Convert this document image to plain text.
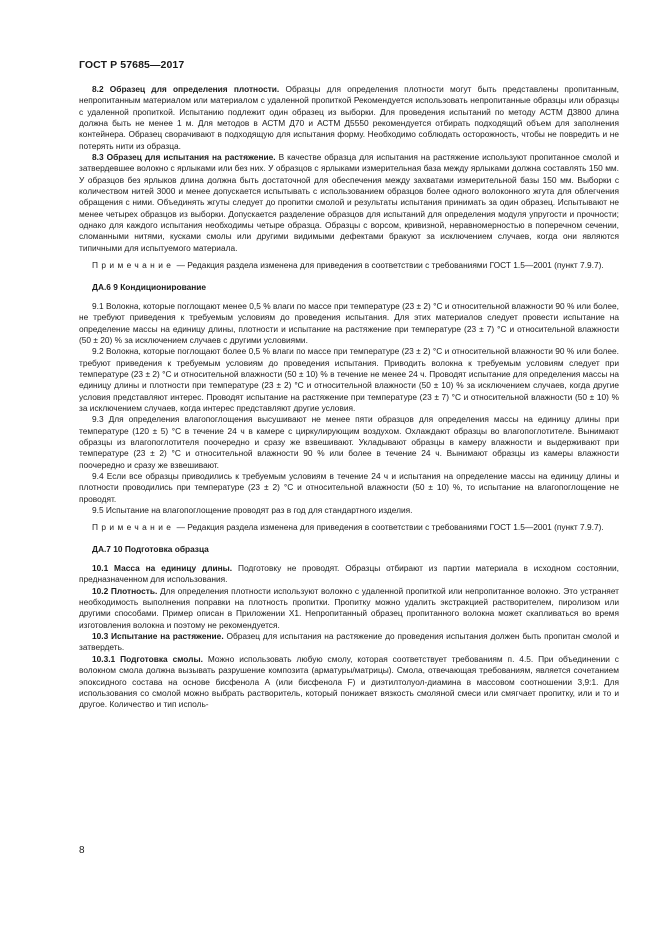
ГОСТ Р 57685—2017

8.2 Образец для определения плотности. Образцы для определения плотности могут быть представлены пропитанным, непропитанным материалом или материалом с удаленной пропиткой Рекомендуется использовать непропитанные образцы или образцы с удаленной пропиткой. Испытанию подлежит один образец из выборки. Для проведения испытаний по методу АСТМ Д3800 длина должна быть не менее 1 м. Для методов в АСТМ Д70 и АСТМ Д5550 рекомендуется отбирать подходящий объем для заполнения контейнера. Образец сворачивают в подходящую для испытания форму. Необходимо соблюдать осторожность, чтобы не повредить и не потерять нити из образца.

8.3 Образец для испытания на растяжение. В качестве образца для испытания на растяжение используют пропитанное смолой и затвердевшее волокно с ярлыками или без них. У образцов с ярлыками измерительная база между ярлыками должна составлять 150 мм. У образцов без ярлыков длина должна быть достаточной для обеспечения между захватами измерительной базы 150 мм. Выборки с количеством нитей 3000 и менее допускается испытывать с использованием образцов более одного волоконного жгута для облегчения обращения с ними. Объединять жгуты следует до пропитки смолой и результаты испытания принимать за один образец. Испытывают не менее четырех образцов из выборки. Допускается разделение образцов для испытаний для определения модуля упругости и прочности; однако для каждого испытания необходимы четыре образца. Образцы с ворсом, кривизной, неравномерностью в поперечном сечении, сломанными нитями, кусками смолы или другими видимыми дефектами бракуют за исключением случаев, когда они являются типичными для испытуемого материала.

Примечание — Редакция раздела изменена для приведения в соответствии с требованиями ГОСТ 1.5—2001 (пункт 7.9.7).

ДА.6 9 Кондиционирование

9.1 Волокна, которые поглощают менее 0,5 % влаги по массе при температуре (23 ± 2) °С и относительной влажности 90 % или более, не требуют приведения к требуемым условиям до проведения испытания. Для этих материалов следует провести испытание на определение массы на единицу длины, плотности и испытание на растяжение при температуре (23 ± 7) °С и относительной влажности (50 ± 20) % за исключением случаев с другими условиями.

9.2 Волокна, которые поглощают более 0,5 % влаги по массе при температуре (23 ± 2) °С и относительной влажности 90 % или более. требуют приведения к требуемым условиям до проведения испытания. Приводить волокна к требуемым условиям следует при температуре (23 ± 2) °С и относительной влажности (50 ± 10) % в течение не менее 24 ч. Проводят испытание для определения массы на единицу длины и плотности при температуре (23 ± 2) °С и относительной влажности (50 ± 10) % за исключением случаев, когда другие условия представляют интерес. Проводят испытание на растяжение при температуре (23 ± 7) °С и относительной влажности (50 ± 10) % за исключением случаев, когда интерес представляют другие условия.

9.3 Для определения влагопоглощения высушивают не менее пяти образцов для определения массы на единицу длины при температуре (120 ± 5) °С в течение 24 ч в камере с циркулирующим воздухом. Охлаждают образцы во влагопоглотителе. Вынимают образцы из влагопоглотителя поочередно и сразу же взвешивают. Укладывают образцы в камеру влажности и выдерживают при температуре (23 ± 2) °С и относительной влажности 90 % или более в течение 24 ч. Вынимают образцы из камеры влажности поочередно и сразу же взвешивают.

9.4 Если все образцы приводились к требуемым условиям в течение 24 ч и испытания на определение массы на единицу длины и плотности проводились при температуре (23 ± 2) °С и относительной влажности (50 ± 10) %, то испытание на влагопоглощение не проводят.

9.5 Испытание на влагопоглощение проводят раз в год для стандартного изделия.

Примечание — Редакция раздела изменена для приведения в соответствии с требованиями ГОСТ 1.5—2001 (пункт 7.9.7).

ДА.7 10 Подготовка образца

10.1 Масса на единицу длины. Подготовку не проводят. Образцы отбирают из партии материала в исходном состоянии, предназначенном для использования.

10.2 Плотность. Для определения плотности используют волокно с удаленной пропиткой или непропитанное волокно. Это устраняет необходимость выполнения поправки на плотность пропитки. Пропитку можно удалить экстракцией растворителем, пиролизом или другими способами. Пример описан в Приложении X1. Непропитанный образец пропитанного волокна может скапливаться во время изготовления волокна и поэтому не рекомендуется.

10.3 Испытание на растяжение. Образец для испытания на растяжение до проведения испытания должен быть пропитан смолой и затвердеть.

10.3.1 Подготовка смолы. Можно использовать любую смолу, которая соответствует требованиям п. 4.5. При объединении с волокном смола должна вызывать разрушение композита (арматуры/матрицы). Смола, отвечающая требованиям, является сочетанием эпоксидного состава на основе бисфенола А (или бисфенола F) и диэтилтолуол-диамина в массовом соотношении 3,9:1. Для использования со смолой можно выбрать растворитель, который понижает вязкость смоляной смеси или смягчает пропитку, или и то и другое. Количество и тип исполь-

8
